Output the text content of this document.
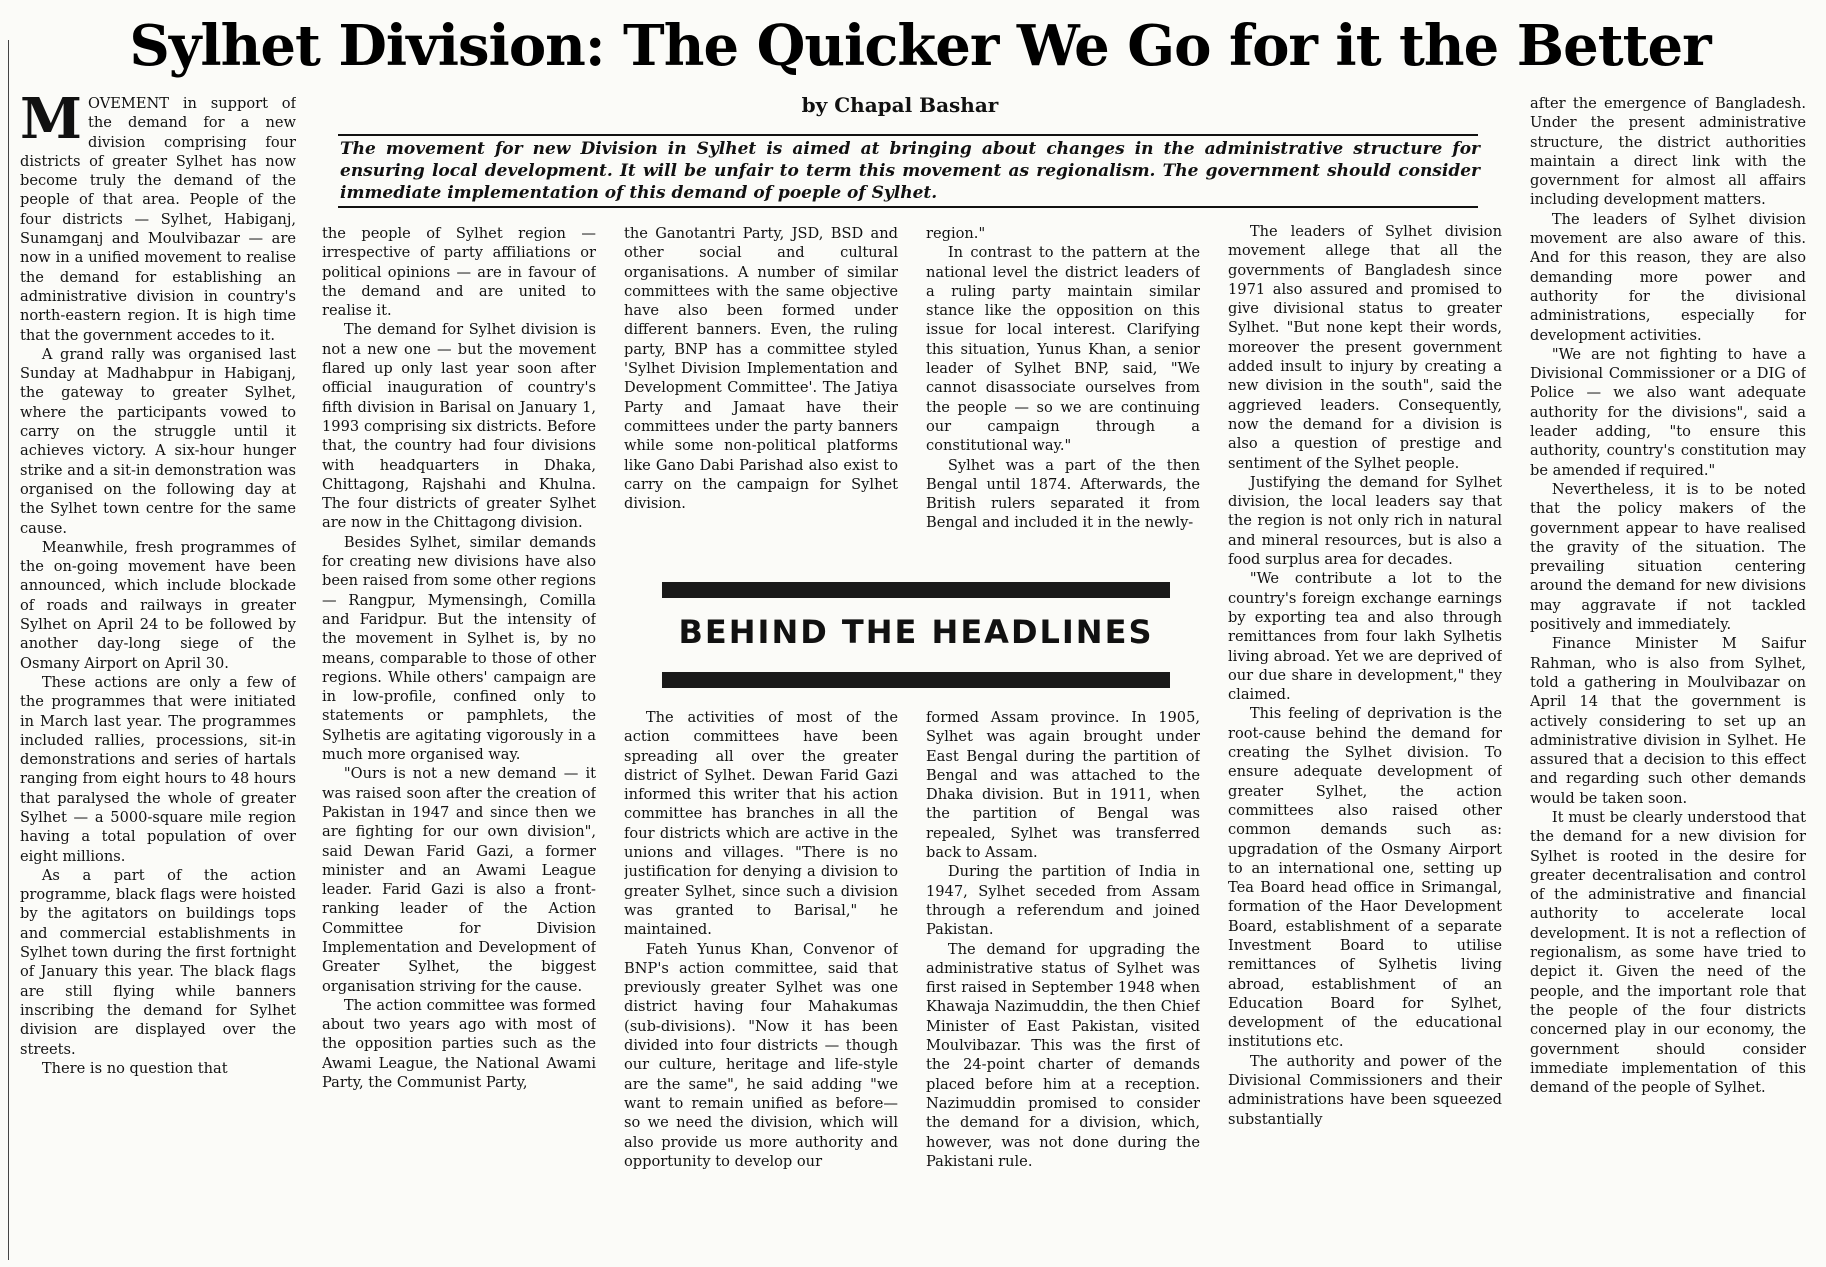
Sylhet Division: The Quicker We Go for it the Better
by Chapal Bashar
The movement for new Division in Sylhet is aimed at bringing about changes in the administrative structure for ensuring local development. It will be unfair to term this movement as regionalism. The government should consider immediate implementation of this demand of poeple of Sylhet.

MOVEMENT in support of the demand for a new division comprising four districts of greater Sylhet has now become truly the demand of the people of that area. People of the four districts — Sylhet, Habiganj, Sunamganj and Moulvibazar — are now in a unified movement to realise the demand for establishing an administrative division in country's north-eastern region. It is high time that the government accedes to it.

A grand rally was organised last Sunday at Madhabpur in Habiganj, the gateway to greater Sylhet, where the participants vowed to carry on the struggle until it achieves victory. A six-hour hunger strike and a sit-in demonstration was organised on the following day at the Sylhet town centre for the same cause.

Meanwhile, fresh programmes of the on-going movement have been announced, which include blockade of roads and railways in greater Sylhet on April 24 to be followed by another day-long siege of the Osmany Airport on April 30.

These actions are only a few of the programmes that were initiated in March last year. The programmes included rallies, processions, sit-in demonstrations and series of hartals ranging from eight hours to 48 hours that paralysed the whole of greater Sylhet — a 5000-square mile region having a total population of over eight millions.

As a part of the action programme, black flags were hoisted by the agitators on buildings tops and commercial establishments in Sylhet town during the first fortnight of January this year. The black flags are still flying while banners inscribing the demand for Sylhet division are displayed over the streets.

There is no question that

the people of Sylhet region — irrespective of party affiliations or political opinions — are in favour of the demand and are united to realise it.

The demand for Sylhet division is not a new one — but the movement flared up only last year soon after official inauguration of country's fifth division in Barisal on January 1, 1993 comprising six districts. Before that, the country had four divisions with headquarters in Dhaka, Chittagong, Rajshahi and Khulna. The four districts of greater Sylhet are now in the Chittagong division.

Besides Sylhet, similar demands for creating new divisions have also been raised from some other regions — Rangpur, Mymensingh, Comilla and Faridpur. But the intensity of the movement in Sylhet is, by no means, comparable to those of other regions. While others' campaign are in low-profile, confined only to statements or pamphlets, the Sylhetis are agitating vigorously in a much more organised way.

"Ours is not a new demand — it was raised soon after the creation of Pakistan in 1947 and since then we are fighting for our own division", said Dewan Farid Gazi, a former minister and an Awami League leader. Farid Gazi is also a front-ranking leader of the Action Committee for Division Implementation and Development of Greater Sylhet, the biggest organisation striving for the cause.

The action committee was formed about two years ago with most of the opposition parties such as the Awami League, the National Awami Party, the Communist Party,

the Ganotantri Party, JSD, BSD and other social and cultural organisations. A number of similar committees with the same objective have also been formed under different banners. Even, the ruling party, BNP has a committee styled 'Sylhet Division Implementation and Development Committee'. The Jatiya Party and Jamaat have their committees under the party banners while some non-political platforms like Gano Dabi Parishad also exist to carry on the campaign for Sylhet division.

region."

In contrast to the pattern at the national level the district leaders of a ruling party maintain similar stance like the opposition on this issue for local interest. Clarifying this situation, Yunus Khan, a senior leader of Sylhet BNP, said, "We cannot disassociate ourselves from the people — so we are continuing our campaign through a constitutional way."

Sylhet was a part of the then Bengal until 1874. Afterwards, the British rulers separated it from Bengal and included it in the newly-

BEHIND THE HEADLINES

The activities of most of the action committees have been spreading all over the greater district of Sylhet. Dewan Farid Gazi informed this writer that his action committee has branches in all the four districts which are active in the unions and villages. "There is no justification for denying a division to greater Sylhet, since such a division was granted to Barisal," he maintained.

Fateh Yunus Khan, Convenor of BNP's action committee, said that previously greater Sylhet was one district having four Mahakumas (sub-divisions). "Now it has been divided into four districts — though our culture, heritage and life-style are the same", he said adding "we want to remain unified as before— so we need the division, which will also provide us more authority and opportunity to develop our

formed Assam province. In 1905, Sylhet was again brought under East Bengal during the partition of Bengal and was attached to the Dhaka division. But in 1911, when the partition of Bengal was repealed, Sylhet was transferred back to Assam.

During the partition of India in 1947, Sylhet seceded from Assam through a referendum and joined Pakistan.

The demand for upgrading the administrative status of Sylhet was first raised in September 1948 when Khawaja Nazimuddin, the then Chief Minister of East Pakistan, visited Moulvibazar. This was the first of the 24-point charter of demands placed before him at a reception. Nazimuddin promised to consider the demand for a division, which, however, was not done during the Pakistani rule.

The leaders of Sylhet division movement allege that all the governments of Bangladesh since 1971 also assured and promised to give divisional status to greater Sylhet. "But none kept their words, moreover the present government added insult to injury by creating a new division in the south", said the aggrieved leaders. Consequently, now the demand for a division is also a question of prestige and sentiment of the Sylhet people.

Justifying the demand for Sylhet division, the local leaders say that the region is not only rich in natural and mineral resources, but is also a food surplus area for decades.

"We contribute a lot to the country's foreign exchange earnings by exporting tea and also through remittances from four lakh Sylhetis living abroad. Yet we are deprived of our due share in development," they claimed.

This feeling of deprivation is the root-cause behind the demand for creating the Sylhet division. To ensure adequate development of greater Sylhet, the action committees also raised other common demands such as: upgradation of the Osmany Airport to an international one, setting up Tea Board head office in Srimangal, formation of the Haor Development Board, establishment of a separate Investment Board to utilise remittances of Sylhetis living abroad, establishment of an Education Board for Sylhet, development of the educational institutions etc.

The authority and power of the Divisional Commissioners and their administrations have been squeezed substantially

after the emergence of Bangladesh. Under the present administrative structure, the district authorities maintain a direct link with the government for almost all affairs including development matters.

The leaders of Sylhet division movement are also aware of this. And for this reason, they are also demanding more power and authority for the divisional administrations, especially for development activities.

"We are not fighting to have a Divisional Commissioner or a DIG of Police — we also want adequate authority for the divisions", said a leader adding, "to ensure this authority, country's constitution may be amended if required."

Nevertheless, it is to be noted that the policy makers of the government appear to have realised the gravity of the situation. The prevailing situation centering around the demand for new divisions may aggravate if not tackled positively and immediately.

Finance Minister M Saifur Rahman, who is also from Sylhet, told a gathering in Moulvibazar on April 14 that the government is actively considering to set up an administrative division in Sylhet. He assured that a decision to this effect and regarding such other demands would be taken soon.

It must be clearly understood that the demand for a new division for Sylhet is rooted in the desire for greater decentralisation and control of the administrative and financial authority to accelerate local development. It is not a reflection of regionalism, as some have tried to depict it. Given the need of the people, and the important role that the people of the four districts concerned play in our economy, the government should consider immediate implementation of this demand of the people of Sylhet.
